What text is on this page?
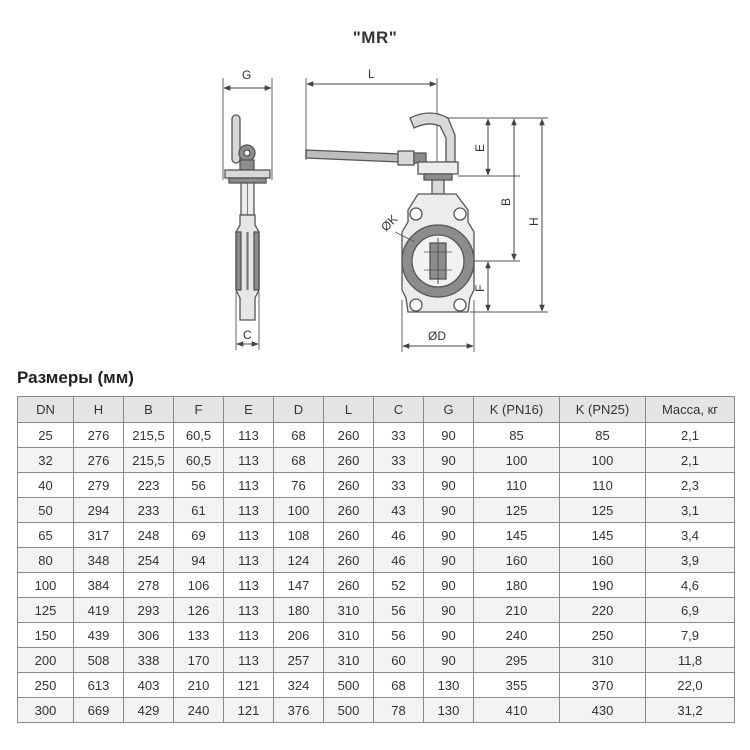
"MR"
G	L
E
B
H
F
C
ØK
ØD
Размеры (мм)
DN	H	B	F	E	D	L	C	G	K (PN16)	K (PN25)	Масса, кг
25	276	215,5	60,5	113	68	260	33	90	85	85	2,1
32	276	215,5	60,5	113	68	260	33	90	100	100	2,1
40	279	223	56	113	76	260	33	90	110	110	2,3
50	294	233	61	113	100	260	43	90	125	125	3,1
65	317	248	69	113	108	260	46	90	145	145	3,4
80	348	254	94	113	124	260	46	90	160	160	3,9
100	384	278	106	113	147	260	52	90	180	190	4,6
125	419	293	126	113	180	310	56	90	210	220	6,9
150	439	306	133	113	206	310	56	90	240	250	7,9
200	508	338	170	113	257	310	60	90	295	310	11,8
250	613	403	210	121	324	500	68	130	355	370	22,0
300	669	429	240	121	376	500	78	130	410	430	31,2
